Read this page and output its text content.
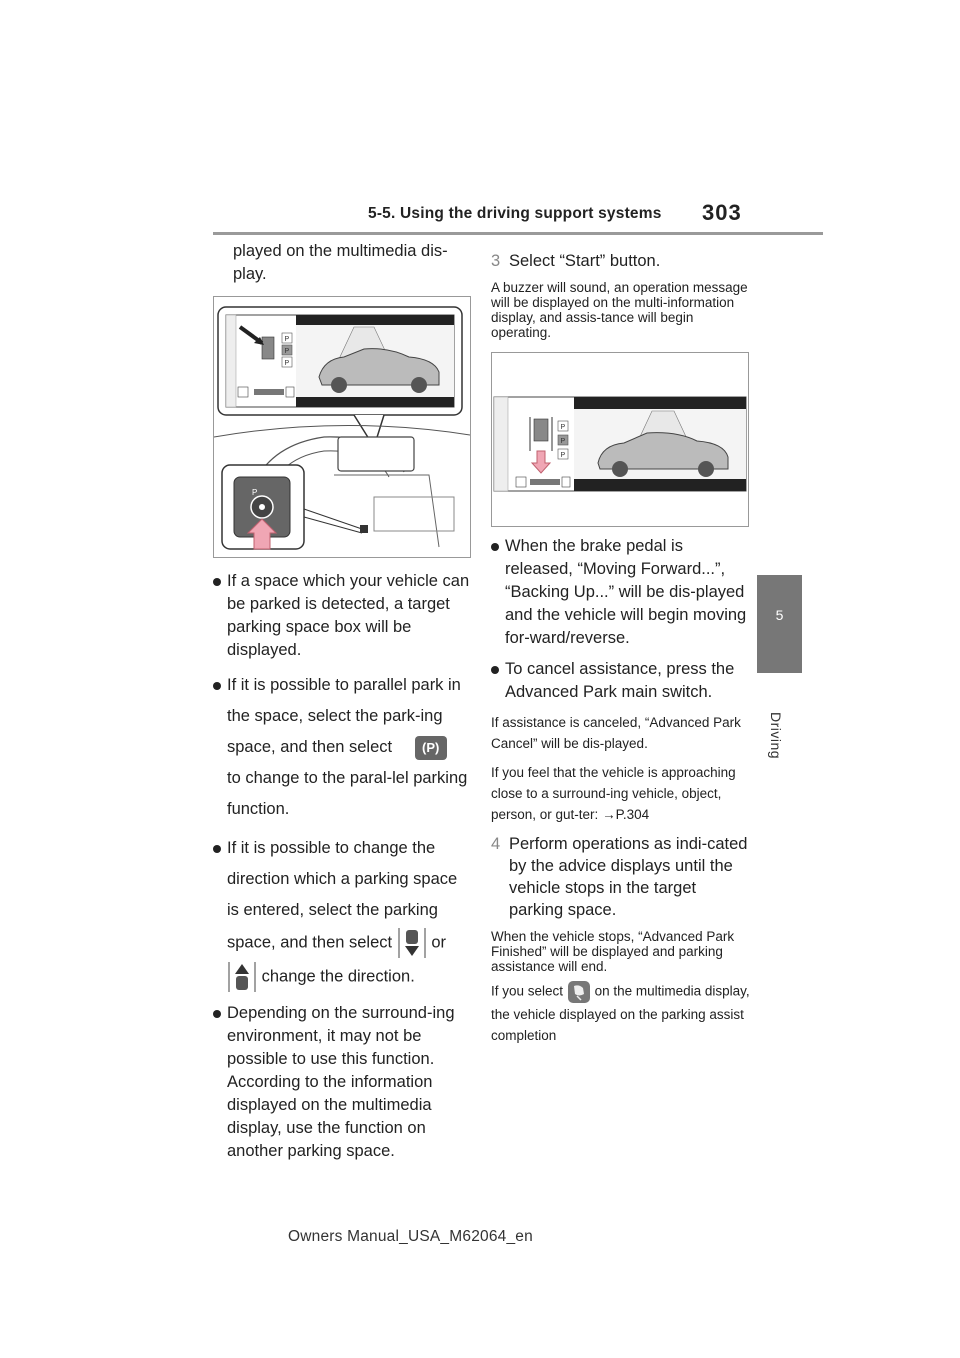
5-5. Using the driving support systems 303
5
Driving

played on the multimedia dis-play.

P
P
P
P
If a space which your vehicle can be parked is detected, a target parking space box will be displayed.
If it is possible to parallel park in the space, select the park-ing space, and then select (P) to change to the paral-lel parking function.
If it is possible to change the direction which a parking space is entered, select the parking space, and then select or  change the direction.
Depending on the surround-ing environment, it may not be possible to use this function. According to the information displayed on the multimedia display, use the function on another parking space.
3 Select “Start” button.

A buzzer will sound, an operation message will be displayed on the multi-information display, and assis-tance will begin operating.

P
P
P
When the brake pedal is released, “Moving Forward...”, “Backing Up...” will be dis-played and the vehicle will begin moving for-ward/reverse.
To cancel assistance, press the Advanced Park main switch.

If assistance is canceled, “Advanced Park Cancel” will be dis-played.

If you feel that the vehicle is approaching close to a surround-ing vehicle, object, person, or gut-ter: →P.304

4 Perform operations as indi-cated by the advice displays until the vehicle stops in the target parking space.

When the vehicle stops, “Advanced Park Finished” will be displayed and parking assistance will end.

If you select on the multimedia display, the vehicle displayed on the parking assist completion

Owners Manual_USA_M62064_en
